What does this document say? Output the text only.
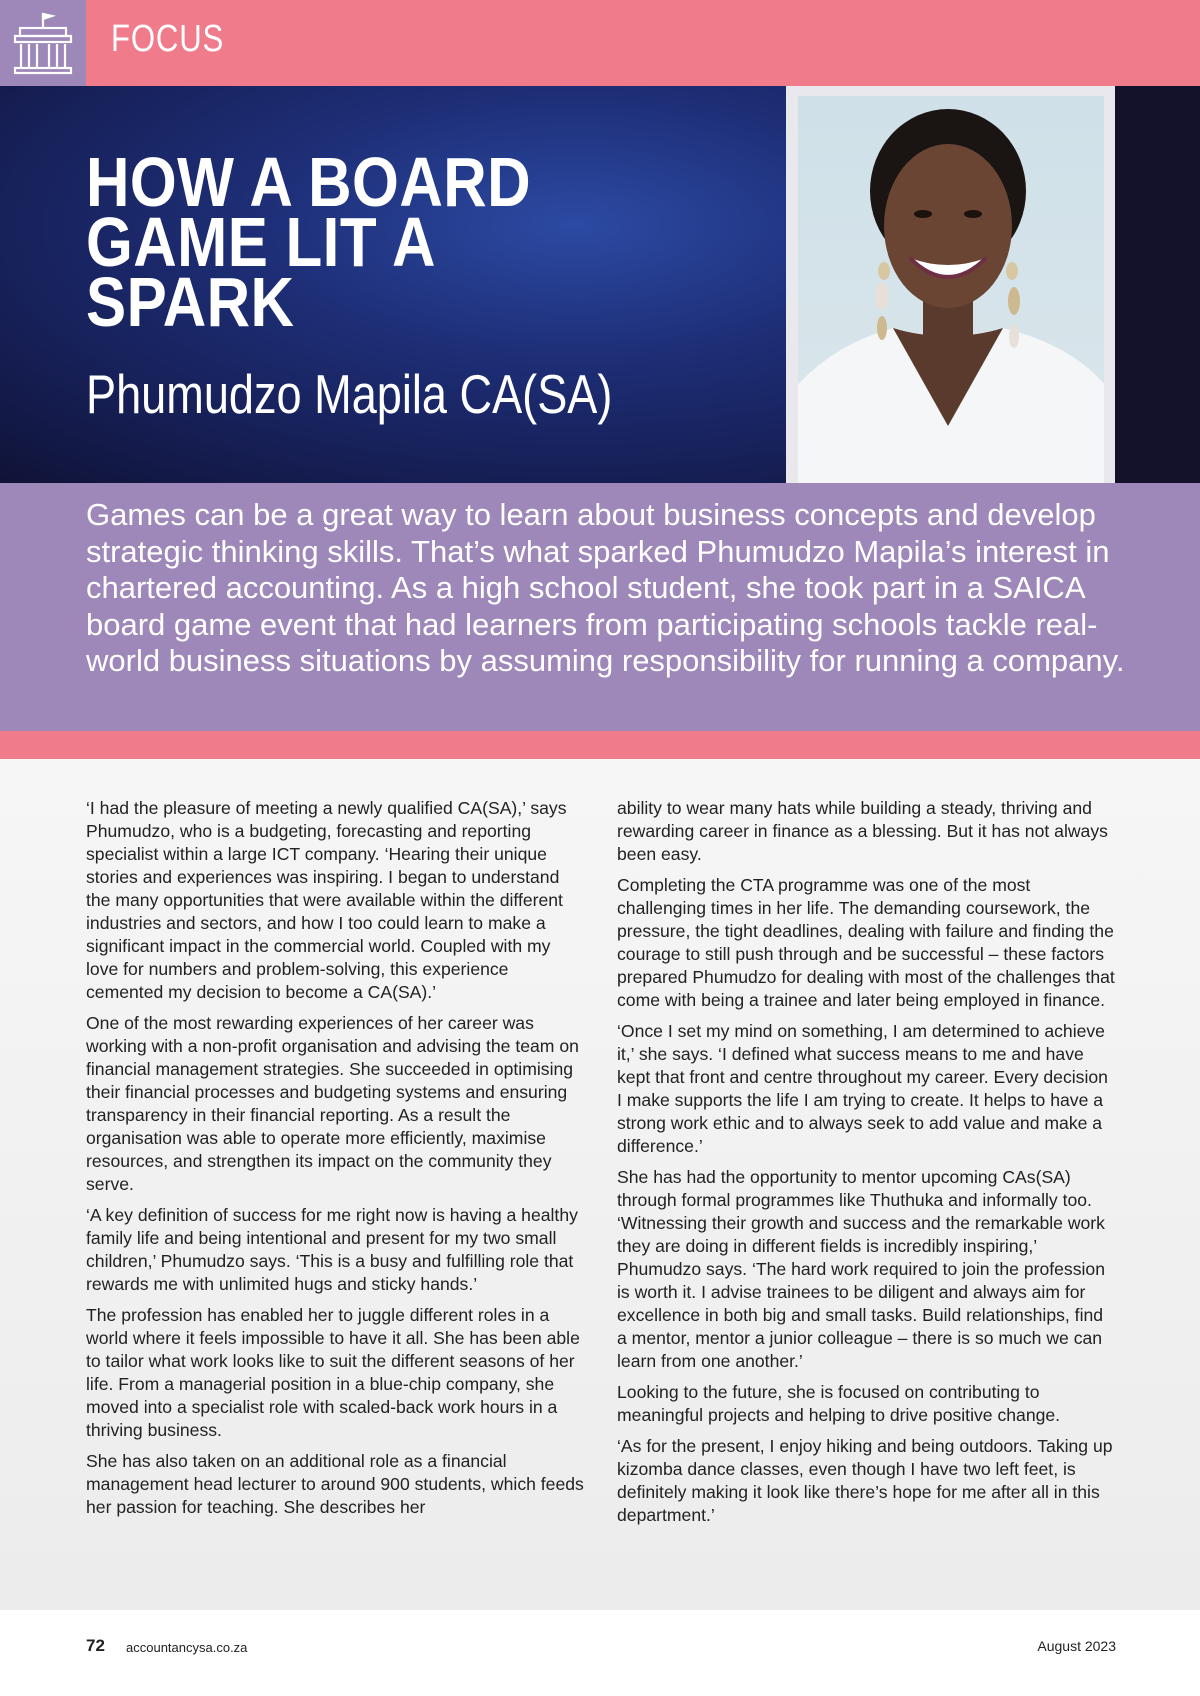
FOCUS
HOW A BOARD
GAME LIT A
SPARK
Phumudzo Mapila CA(SA)

Games can be a great way to learn about business concepts and develop strategic thinking skills. That’s what sparked Phumudzo Mapila’s interest in chartered accounting. As a high school student, she took part in a SAICA board game event that had learners from participating schools tackle real-world business situations by assuming responsibility for running a company.

‘I had the pleasure of meeting a newly qualified CA(SA),’ says Phumudzo, who is a budgeting, forecasting and reporting specialist within a large ICT company. ‘Hearing their unique stories and experiences was inspiring. I began to understand the many opportunities that were available within the different industries and sectors, and how I too could learn to make a significant impact in the commercial world. Coupled with my love for numbers and problem-solving, this experience cemented my decision to become a CA(SA).’

One of the most rewarding experiences of her career was working with a non-profit organisation and advising the team on financial management strategies. She succeeded in optimising their financial processes and budgeting systems and ensuring transparency in their financial reporting. As a result the organisation was able to operate more efficiently, maximise resources, and strengthen its impact on the community they serve.

‘A key definition of success for me right now is having a healthy family life and being intentional and present for my two small children,’ Phumudzo says. ‘This is a busy and fulfilling role that rewards me with unlimited hugs and sticky hands.’

The profession has enabled her to juggle different roles in a world where it feels impossible to have it all. She has been able to tailor what work looks like to suit the different seasons of her life. From a managerial position in a blue-chip company, she moved into a specialist role with scaled-back work hours in a thriving business.

She has also taken on an additional role as a financial management head lecturer to around 900 students, which feeds her passion for teaching. She describes her

ability to wear many hats while building a steady, thriving and rewarding career in finance as a blessing. But it has not always been easy.

Completing the CTA programme was one of the most challenging times in her life. The demanding coursework, the pressure, the tight deadlines, dealing with failure and finding the courage to still push through and be successful – these factors prepared Phumudzo for dealing with most of the challenges that come with being a trainee and later being employed in finance.

‘Once I set my mind on something, I am determined to achieve it,’ she says. ‘I defined what success means to me and have kept that front and centre throughout my career. Every decision I make supports the life I am trying to create. It helps to have a strong work ethic and to always seek to add value and make a difference.’

She has had the opportunity to mentor upcoming CAs(SA) through formal programmes like Thuthuka and informally too. ‘Witnessing their growth and success and the remarkable work they are doing in different fields is incredibly inspiring,’ Phumudzo says. ‘The hard work required to join the profession is worth it. I advise trainees to be diligent and always aim for excellence in both big and small tasks. Build relationships, find a mentor, mentor a junior colleague – there is so much we can learn from one another.’

Looking to the future, she is focused on contributing to meaningful projects and helping to drive positive change.

‘As for the present, I enjoy hiking and being outdoors. Taking up kizomba dance classes, even though I have two left feet, is definitely making it look like there’s hope for me after all in this department.’

72 accountancysa.co.za	August 2023
